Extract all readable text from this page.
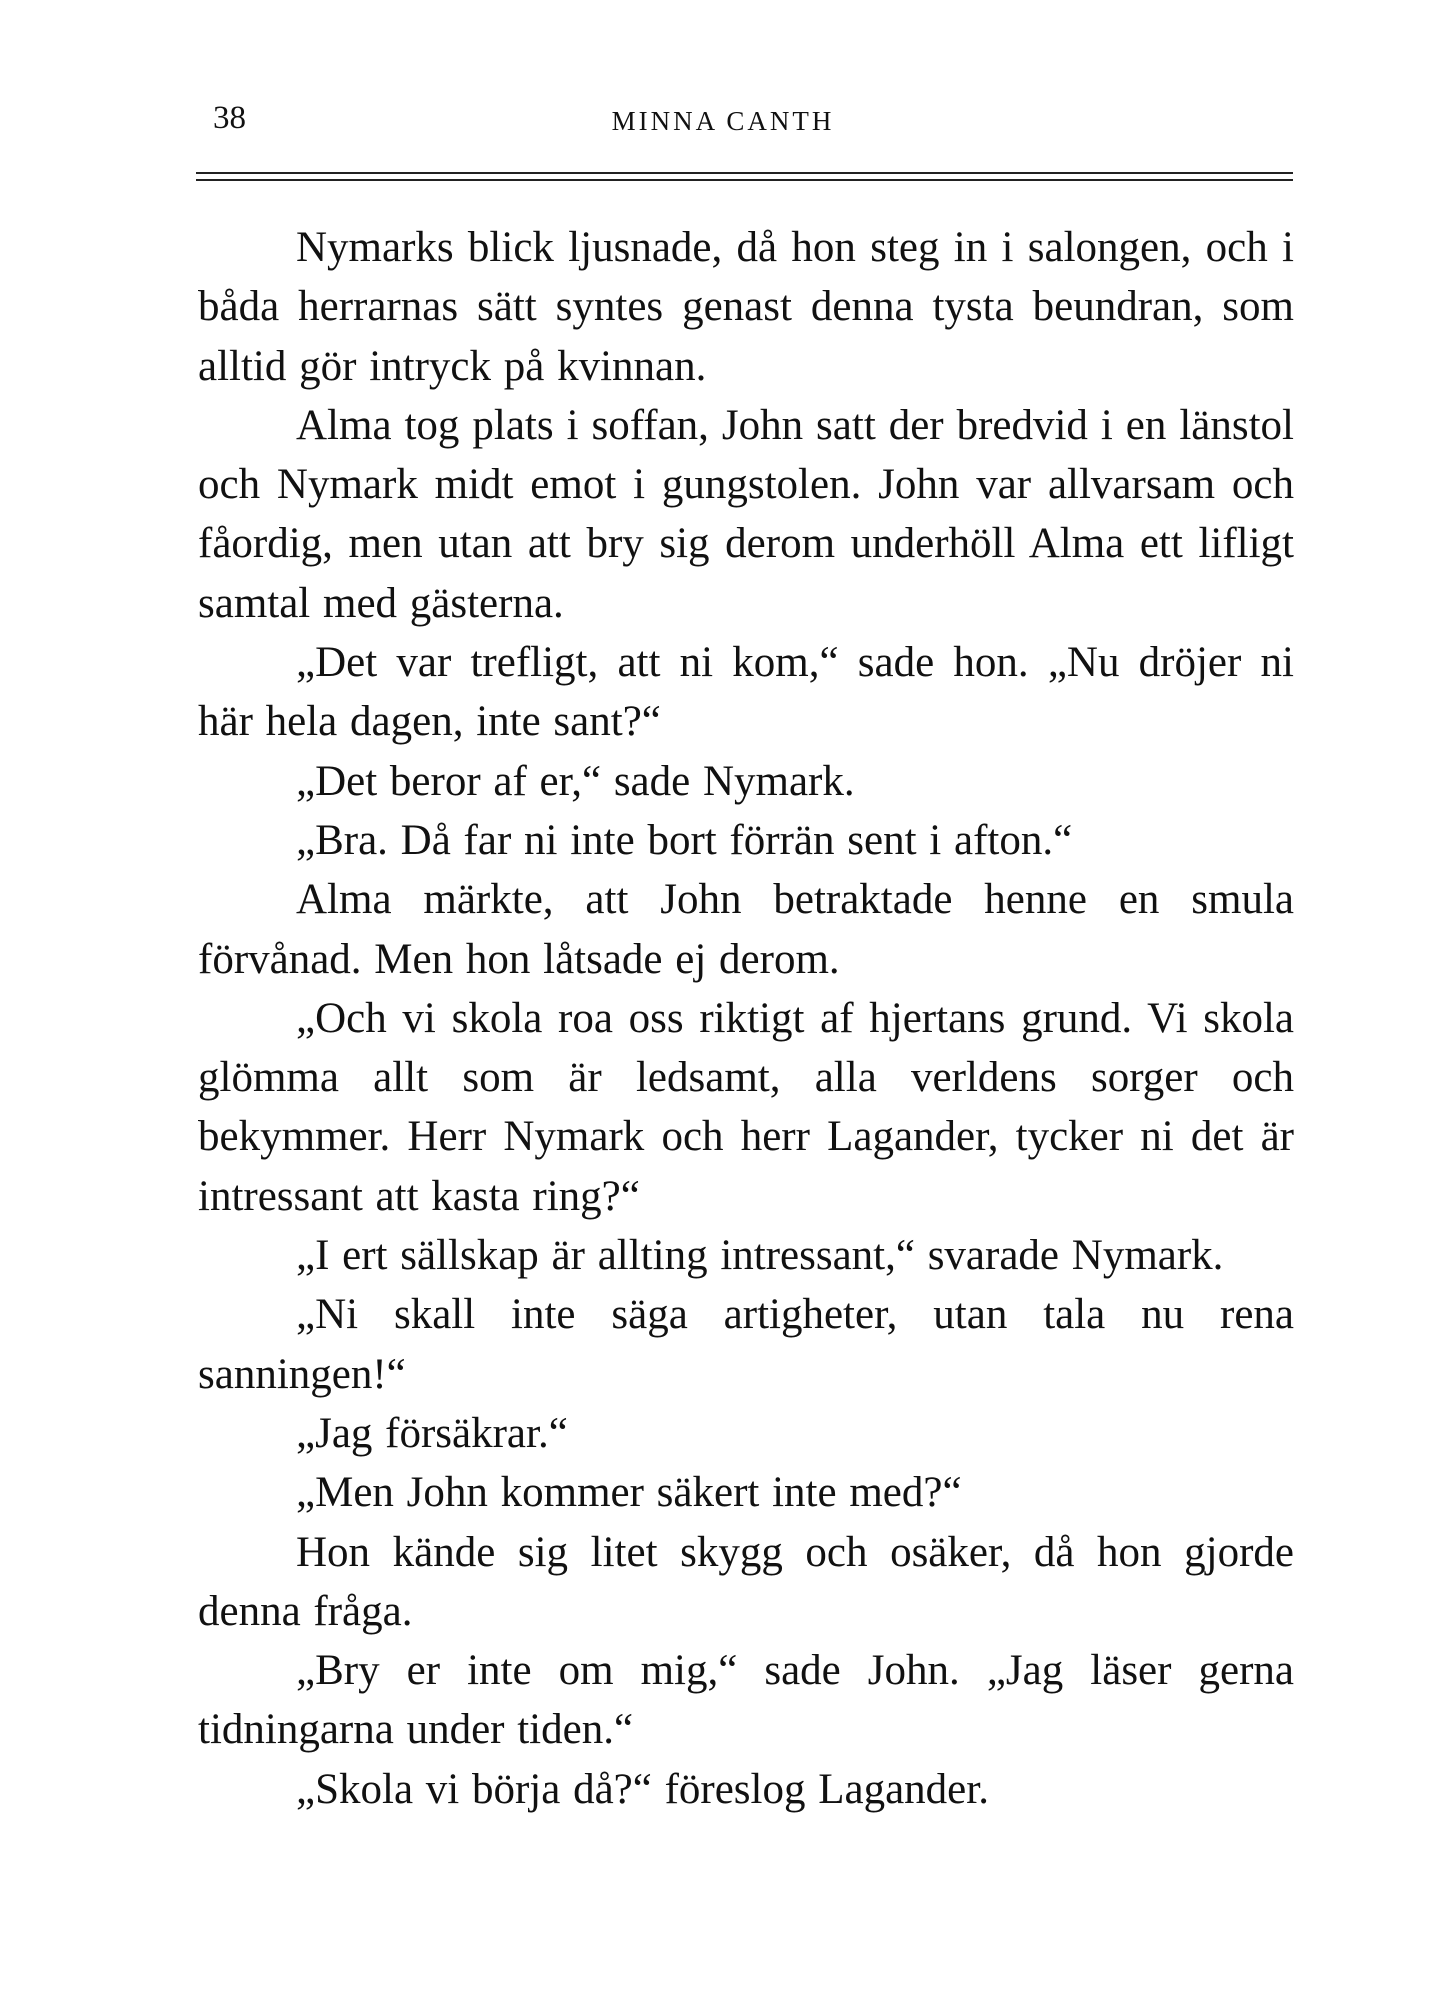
38	MINNA CANTH

Nymarks blick ljusnade, då hon steg in i salongen, och i båda herrarnas sätt syntes genast denna tysta beundran, som alltid gör intryck på kvinnan.

Alma tog plats i soffan, John satt der bredvid i en länstol och Nymark midt emot i gungstolen. John var allvarsam och fåordig, men utan att bry sig derom underhöll Alma ett lifligt samtal med gästerna.

„Det var trefligt, att ni kom,“ sade hon. „Nu dröjer ni här hela dagen, inte sant?“

„Det beror af er,“ sade Nymark.

„Bra. Då far ni inte bort förrän sent i afton.“

Alma märkte, att John betraktade henne en smula förvånad. Men hon låtsade ej derom.

„Och vi skola roa oss riktigt af hjertans grund. Vi skola glömma allt som är ledsamt, alla verldens sorger och bekymmer. Herr Nymark och herr Lagander, tycker ni det är intressant att kasta ring?“

„I ert sällskap är allting intressant,“ svarade Nymark.

„Ni skall inte säga artigheter, utan tala nu rena sanningen!“

„Jag försäkrar.“

„Men John kommer säkert inte med?“

Hon kände sig litet skygg och osäker, då hon gjorde denna fråga.

„Bry er inte om mig,“ sade John. „Jag läser gerna tidningarna under tiden.“

„Skola vi börja då?“ föreslog Lagander.
